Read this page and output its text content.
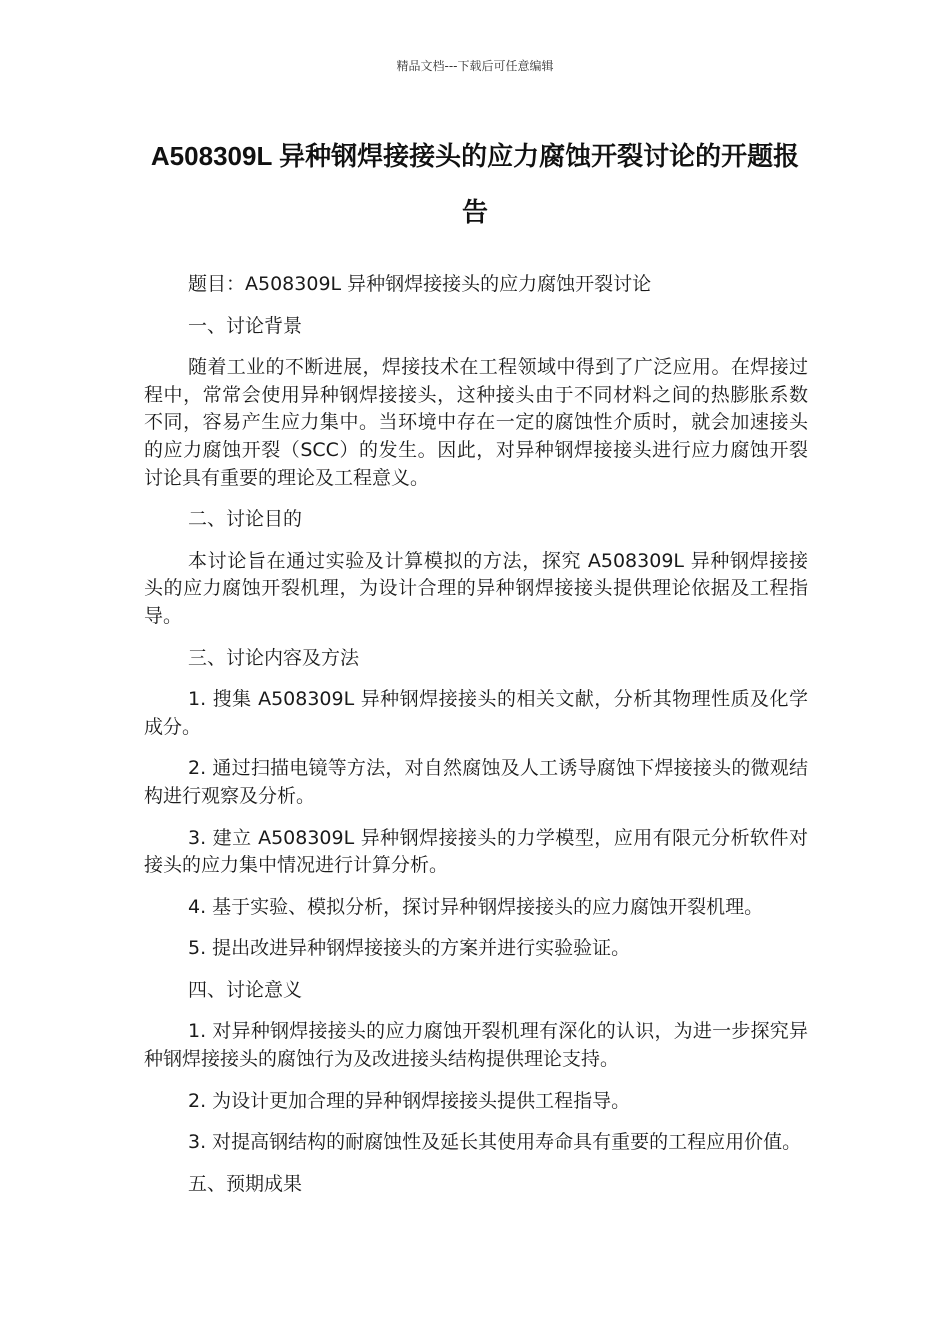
精品文档---下载后可任意编辑
A508309L 异种钢焊接接头的应力腐蚀开裂讨论的开题报告

题目：A508309L 异种钢焊接接头的应力腐蚀开裂讨论

一、讨论背景

随着工业的不断进展，焊接技术在工程领域中得到了广泛应用。在焊接过程中，常常会使用异种钢焊接接头，这种接头由于不同材料之间的热膨胀系数不同，容易产生应力集中。当环境中存在一定的腐蚀性介质时，就会加速接头的应力腐蚀开裂（SCC）的发生。因此，对异种钢焊接接头进行应力腐蚀开裂讨论具有重要的理论及工程意义。

二、讨论目的

本讨论旨在通过实验及计算模拟的方法，探究 A508309L 异种钢焊接接头的应力腐蚀开裂机理，为设计合理的异种钢焊接接头提供理论依据及工程指导。

三、讨论内容及方法

1. 搜集 A508309L 异种钢焊接接头的相关文献，分析其物理性质及化学成分。

2. 通过扫描电镜等方法，对自然腐蚀及人工诱导腐蚀下焊接接头的微观结构进行观察及分析。

3. 建立 A508309L 异种钢焊接接头的力学模型，应用有限元分析软件对接头的应力集中情况进行计算分析。

4. 基于实验、模拟分析，探讨异种钢焊接接头的应力腐蚀开裂机理。

5. 提出改进异种钢焊接接头的方案并进行实验验证。

四、讨论意义

1. 对异种钢焊接接头的应力腐蚀开裂机理有深化的认识，为进一步探究异种钢焊接接头的腐蚀行为及改进接头结构提供理论支持。

2. 为设计更加合理的异种钢焊接接头提供工程指导。

3. 对提高钢结构的耐腐蚀性及延长其使用寿命具有重要的工程应用价值。

五、预期成果
